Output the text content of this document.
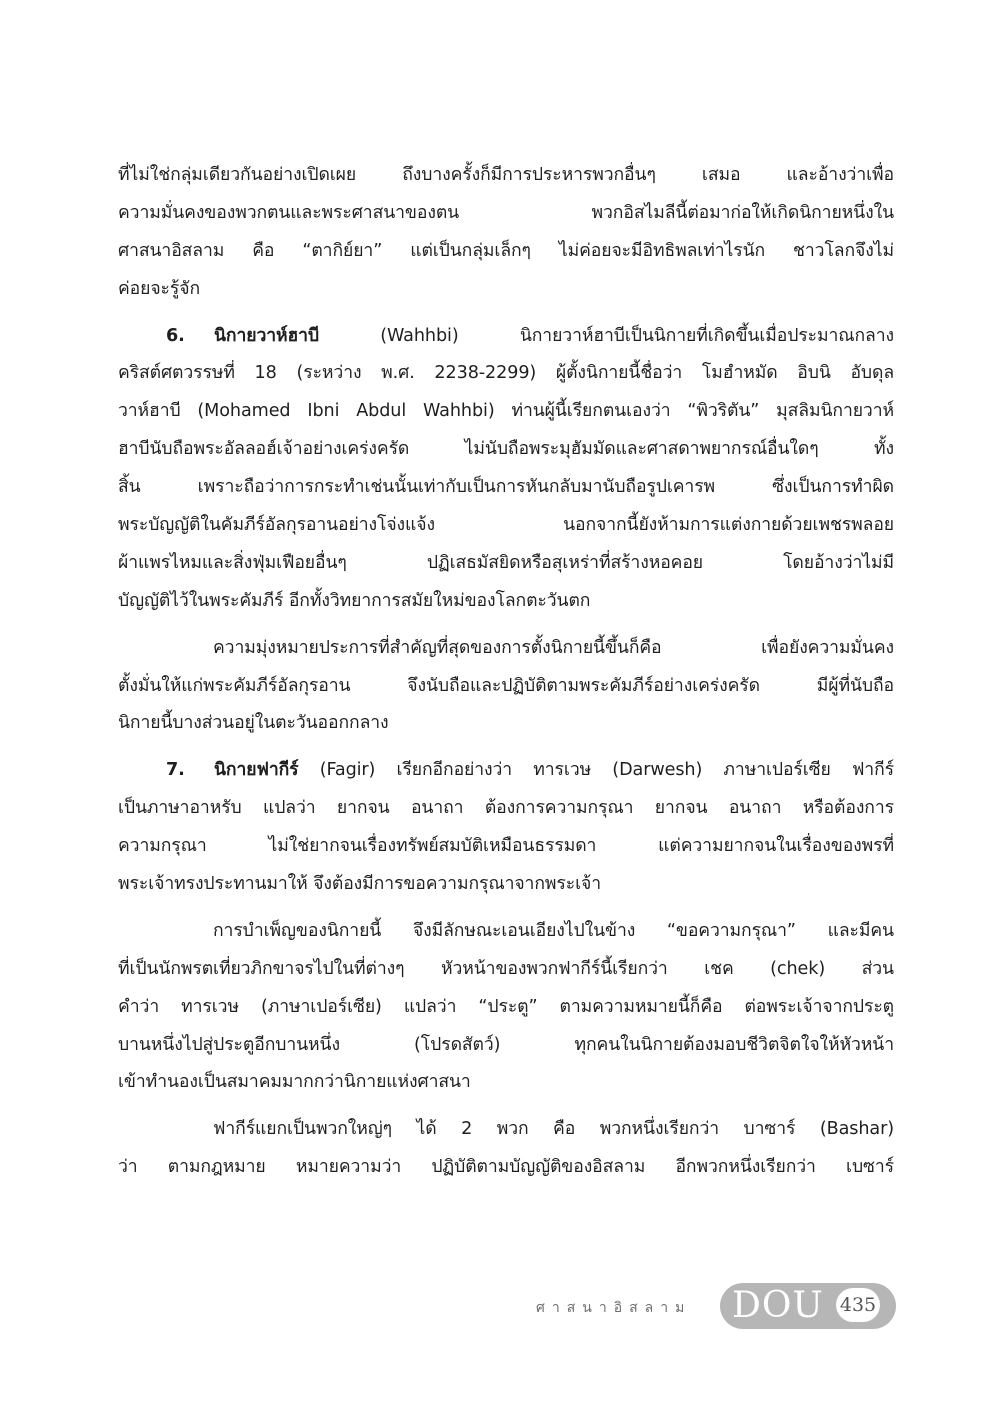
ที่ไม่ใช่กลุ่มเดียวกันอย่างเปิดเผย ถึงบางครั้งก็มีการประหารพวกอื่นๆ เสมอ และอ้างว่าเพื่อ
ความมั่นคงของพวกตนและพระศาสนาของตน พวกอิสไมลีนี้ต่อมาก่อให้เกิดนิกายหนึ่งใน
ศาสนาอิสลาม คือ “ตากิย์ยา” แต่เป็นกลุ่มเล็กๆ ไม่ค่อยจะมีอิทธิพลเท่าไรนัก ชาวโลกจึงไม่
ค่อยจะรู้จัก
6. นิกายวาห์ฮาบี (Wahhbi) นิกายวาห์ฮาบีเป็นนิกายที่เกิดขึ้นเมื่อประมาณกลาง
คริสต์ศตวรรษที่ 18 (ระหว่าง พ.ศ. 2238-2299) ผู้ตั้งนิกายนี้ชื่อว่า โมฮำหมัด อิบนิ อับดุล
วาห์ฮาบี (Mohamed Ibni Abdul Wahhbi) ท่านผู้นี้เรียกตนเองว่า “พิวริตัน” มุสลิมนิกายวาห์
ฮาบีนับถือพระอัลลอฮ์เจ้าอย่างเคร่งครัด ไม่นับถือพระมุฮัมมัดและศาสดาพยากรณ์อื่นใดๆ ทั้ง
สิ้น เพราะถือว่าการกระทำเช่นนั้นเท่ากับเป็นการหันกลับมานับถือรูปเคารพ ซึ่งเป็นการทำผิด
พระบัญญัติในคัมภีร์อัลกุรอานอย่างโจ่งแจ้ง นอกจากนี้ยังห้ามการแต่งกายด้วยเพชรพลอย
ผ้าแพรไหมและสิ่งฟุ่มเฟือยอื่นๆ ปฏิเสธมัสยิดหรือสุเหร่าที่สร้างหอคอย โดยอ้างว่าไม่มี
บัญญัติไว้ในพระคัมภีร์ อีกทั้งวิทยาการสมัยใหม่ของโลกตะวันตก
ความมุ่งหมายประการที่สำคัญที่สุดของการตั้งนิกายนี้ขึ้นก็คือ เพื่อยังความมั่นคง
ตั้งมั่นให้แก่พระคัมภีร์อัลกุรอาน จึงนับถือและปฏิบัติตามพระคัมภีร์อย่างเคร่งครัด มีผู้ที่นับถือ
นิกายนี้บางส่วนอยู่ในตะวันออกกลาง
7. นิกายฟากีร์ (Fagir) เรียกอีกอย่างว่า ทารเวษ (Darwesh) ภาษาเปอร์เซีย ฟากีร์
เป็นภาษาอาหรับ แปลว่า ยากจน อนาถา ต้องการความกรุณา ยากจน อนาถา หรือต้องการ
ความกรุณา ไม่ใช่ยากจนเรื่องทรัพย์สมบัติเหมือนธรรมดา แต่ความยากจนในเรื่องของพรที่
พระเจ้าทรงประทานมาให้ จึงต้องมีการขอความกรุณาจากพระเจ้า
การบำเพ็ญของนิกายนี้ จึงมีลักษณะเอนเอียงไปในข้าง “ขอความกรุณา” และมีคน
ที่เป็นนักพรตเที่ยวภิกขาจรไปในที่ต่างๆ หัวหน้าของพวกฟากีร์นี้เรียกว่า เชค (chek) ส่วน
คำว่า ทารเวษ (ภาษาเปอร์เซีย) แปลว่า “ประตู” ตามความหมายนี้ก็คือ ต่อพระเจ้าจากประตู
บานหนึ่งไปสู่ประตูอีกบานหนึ่ง (โปรดสัตว์) ทุกคนในนิกายต้องมอบชีวิตจิตใจให้หัวหน้า
เข้าทำนองเป็นสมาคมมากกว่านิกายแห่งศาสนา
ฟากีร์แยกเป็นพวกใหญ่ๆ ได้ 2 พวก คือ พวกหนึ่งเรียกว่า บาซาร์ (Bashar)
ว่า ตามกฎหมาย หมายความว่า ปฏิบัติตามบัญญัติของอิสลาม อีกพวกหนึ่งเรียกว่า เบซาร์
ศาสนาอิสลาม DOU 435
